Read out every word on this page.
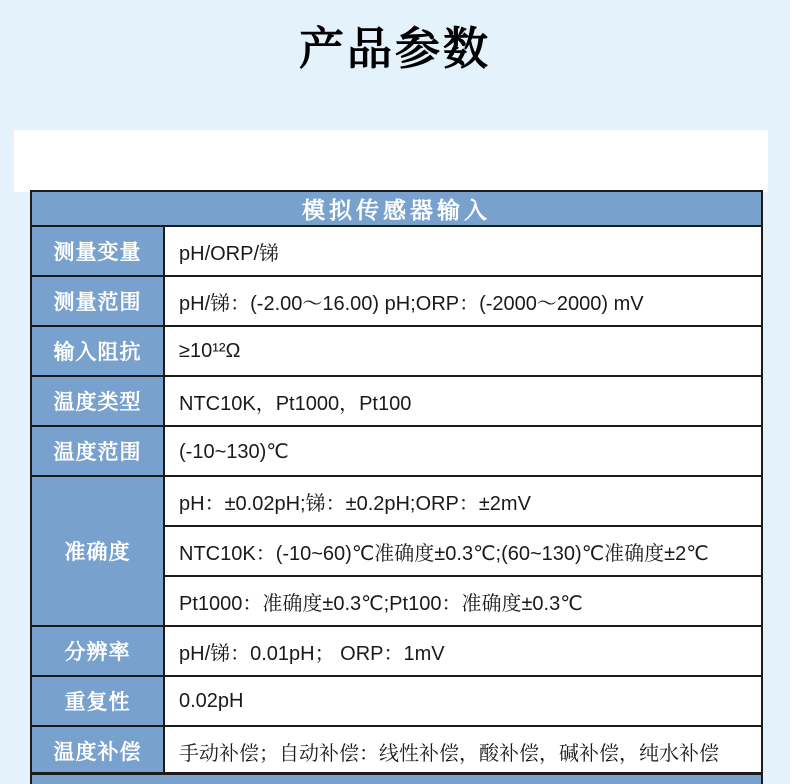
产品参数
模拟传感器输入	
测量变量	pH/ORP/锑
测量范围	pH/锑：(-2.00～16.00) pH;ORP：(-2000～2000) mV
输入阻抗	≥10¹²Ω
温度类型	NTC10K，Pt1000，Pt100
温度范围	(-10~130)℃
准确度	pH：±0.02pH;锑：±0.2pH;ORP：±2mV
	NTC10K：(-10~60)℃准确度±0.3℃;(60~130)℃准确度±2℃
	Pt1000：准确度±0.3℃;Pt100：准确度±0.3℃
分辨率	pH/锑：0.01pH； ORP：1mV
重复性	0.02pH
温度补偿	手动补偿；自动补偿：线性补偿，酸补偿，碱补偿，纯水补偿
